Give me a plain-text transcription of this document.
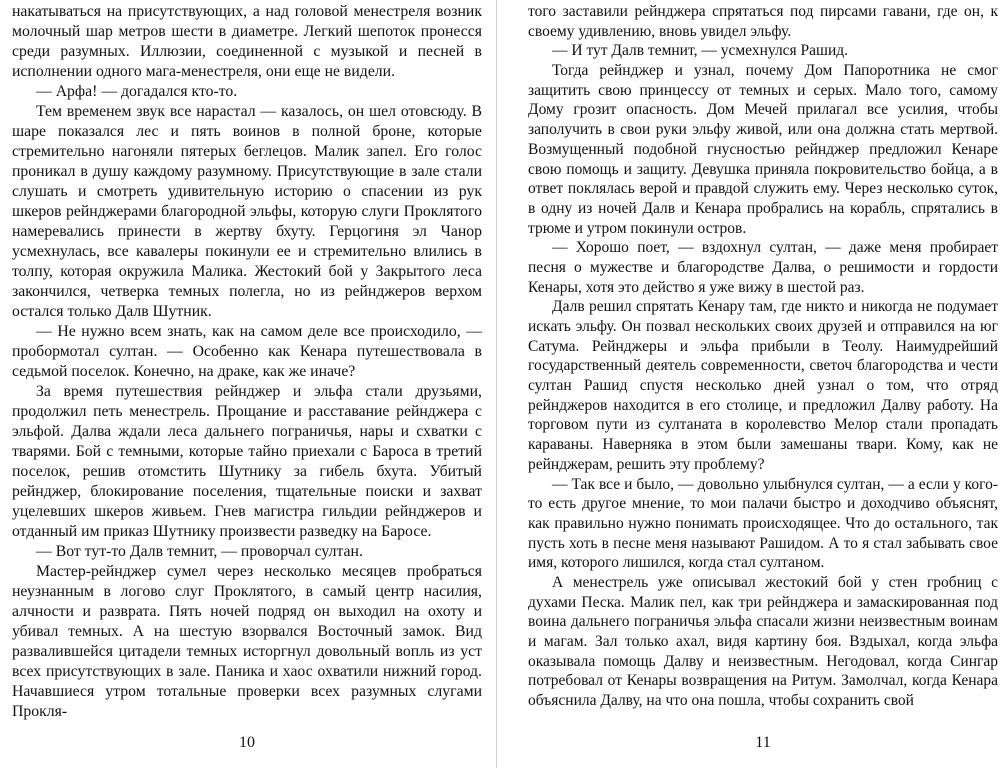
накатываться на присутствующих, а над головой менестреля возник молочный шар метров шести в диаметре. Легкий шепоток пронесся среди разумных. Иллюзии, соединенной с музыкой и песней в исполнении одного мага-менестреля, они еще не видели.

— Арфа! — догадался кто-то.

Тем временем звук все нарастал — казалось, он шел отовсюду. В шаре показался лес и пять воинов в полной броне, которые стремительно нагоняли пятерых беглецов. Малик запел. Его голос проникал в душу каждому разумному. Присутствующие в зале стали слушать и смотреть удивительную историю о спасении из рук шкеров рейнджерами благородной эльфы, которую слуги Проклятого намеревались принести в жертву бхуту. Герцогиня эл Чанор усмехнулась, все кавалеры покинули ее и стремительно влились в толпу, которая окружила Малика. Жестокий бой у Закрытого леса закончился, четверка темных полегла, но из рейнджеров верхом остался только Далв Шутник.

— Не нужно всем знать, как на самом деле все происходило, — пробормотал султан. — Особенно как Кенара путешествовала в седьмой поселок. Конечно, на драке, как же иначе?

За время путешествия рейнджер и эльфа стали друзьями, продолжил петь менестрель. Прощание и расставание рейнджера с эльфой. Далва ждали леса дальнего пограничья, нары и схватки с тварями. Бой с темными, которые тайно приехали с Бароса в третий поселок, решив отомстить Шутнику за гибель бхута. Убитый рейнджер, блокирование поселения, тщательные поиски и захват уцелевших шкеров живьем. Гнев магистра гильдии рейнджеров и отданный им приказ Шутнику произвести разведку на Баросе.

— Вот тут-то Далв темнит, — проворчал султан.

Мастер-рейнджер сумел через несколько месяцев пробраться неузнанным в логово слуг Проклятого, в самый центр насилия, алчности и разврата. Пять ночей подряд он выходил на охоту и убивал темных. А на шестую взорвался Восточный замок. Вид развалившейся цитадели темных исторгнул довольный вопль из уст всех присутствующих в зале. Паника и хаос охватили нижний город. Начавшиеся утром тотальные проверки всех разумных слугами Прокля-

10

того заставили рейнджера спрятаться под пирсами гавани, где он, к своему удивлению, вновь увидел эльфу.

— И тут Далв темнит, — усмехнулся Рашид.

Тогда рейнджер и узнал, почему Дом Папоротника не смог защитить свою принцессу от темных и серых. Мало того, самому Дому грозит опасность. Дом Мечей прилагал все усилия, чтобы заполучить в свои руки эльфу живой, или она должна стать мертвой. Возмущенный подобной гнусностью рейнджер предложил Кенаре свою помощь и защиту. Девушка приняла покровительство бойца, а в ответ поклялась верой и правдой служить ему. Через несколько суток, в одну из ночей Далв и Кенара пробрались на корабль, спрятались в трюме и утром покинули остров.

— Хорошо поет, — вздохнул султан, — даже меня пробирает песня о мужестве и благородстве Далва, о решимости и гордости Кенары, хотя это действо я уже вижу в шестой раз.

Далв решил спрятать Кенару там, где никто и никогда не подумает искать эльфу. Он позвал нескольких своих друзей и отправился на юг Сатума. Рейнджеры и эльфа прибыли в Теолу. Наимудрейший государственный деятель современности, светоч благородства и чести султан Рашид спустя несколько дней узнал о том, что отряд рейнджеров находится в его столице, и предложил Далву работу. На торговом пути из султаната в королевство Мелор стали пропадать караваны. Наверняка в этом были замешаны твари. Кому, как не рейнджерам, решить эту проблему?

— Так все и было, — довольно улыбнулся султан, — а если у кого-то есть другое мнение, то мои палачи быстро и доходчиво объяснят, как правильно нужно понимать происходящее. Что до остального, так пусть хоть в песне меня называют Рашидом. А то я стал забывать свое имя, которого лишился, когда стал султаном.

А менестрель уже описывал жестокий бой у стен гробниц с духами Песка. Малик пел, как три рейнджера и замаскированная под воина дальнего пограничья эльфа спасали жизни неизвестным воинам и магам. Зал только ахал, видя картину боя. Вздыхал, когда эльфа оказывала помощь Далву и неизвестным. Негодовал, когда Сингар потребовал от Кенары возвращения на Ритум. Замолчал, когда Кенара объяснила Далву, на что она пошла, чтобы сохранить свой

11
